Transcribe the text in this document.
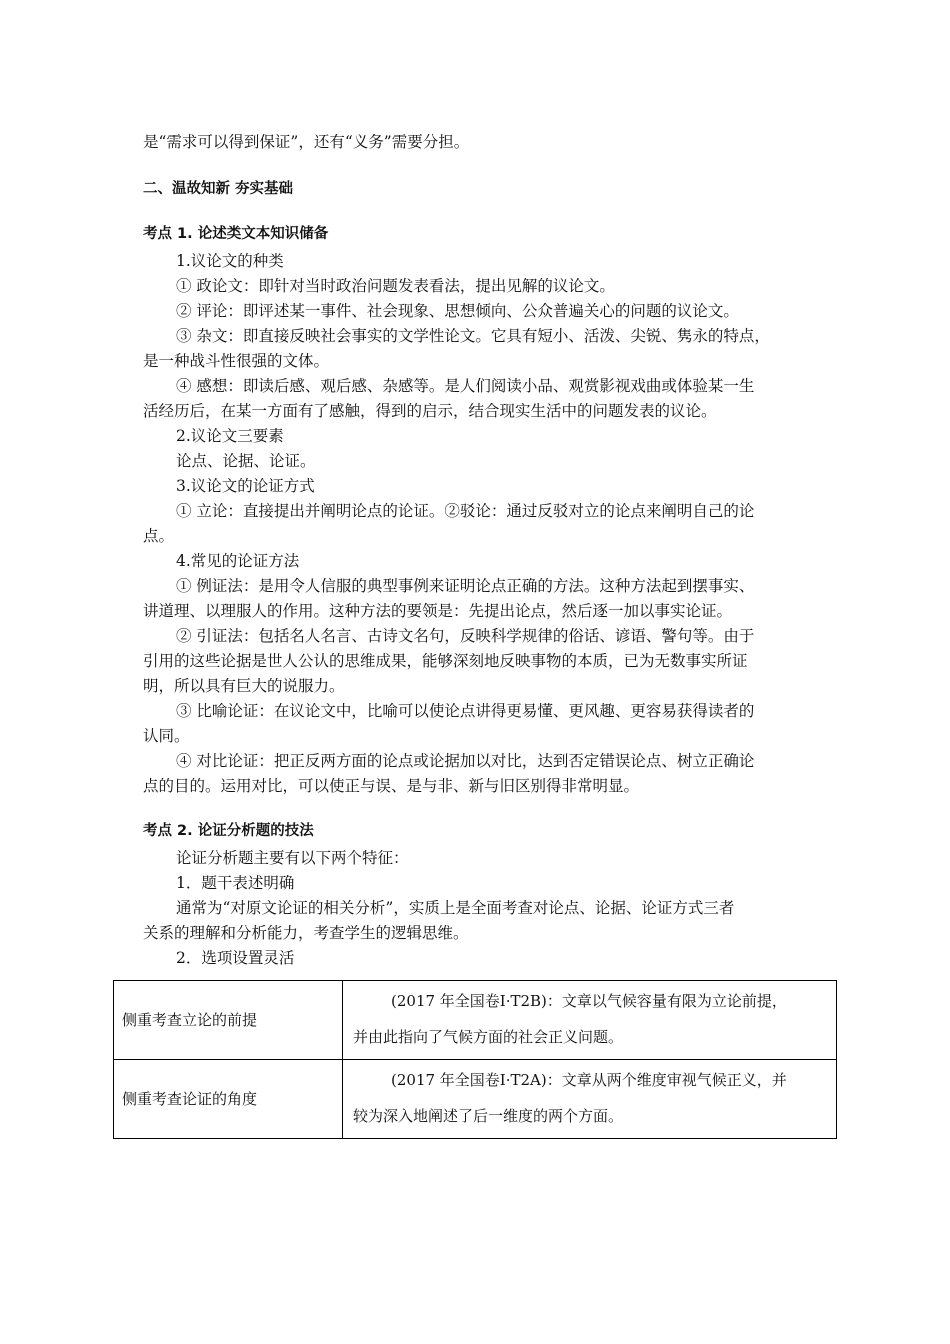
是“需求可以得到保证”，还有“义务”需要分担。
二、温故知新 夯实基础
考点 1. 论述类文本知识储备
1.议论文的种类
① 政论文：即针对当时政治问题发表看法，提出见解的议论文。
② 评论：即评述某一事件、社会现象、思想倾向、公众普遍关心的问题的议论文。
③ 杂文：即直接反映社会事实的文学性论文。它具有短小、活泼、尖锐、隽永的特点，
是一种战斗性很强的文体。
④ 感想：即读后感、观后感、杂感等。是人们阅读小品、观赏影视戏曲或体验某一生
活经历后，在某一方面有了感触，得到的启示，结合现实生活中的问题发表的议论。
2.议论文三要素
论点、论据、论证。
3.议论文的论证方式
① 立论：直接提出并阐明论点的论证。②驳论：通过反驳对立的论点来阐明自己的论
点。
4.常见的论证方法
① 例证法：是用令人信服的典型事例来证明论点正确的方法。这种方法起到摆事实、
讲道理、以理服人的作用。这种方法的要领是：先提出论点，然后逐一加以事实论证。
② 引证法：包括名人名言、古诗文名句，反映科学规律的俗话、谚语、警句等。由于
引用的这些论据是世人公认的思维成果，能够深刻地反映事物的本质，已为无数事实所证
明，所以具有巨大的说服力。
③ 比喻论证：在议论文中，比喻可以使论点讲得更易懂、更风趣、更容易获得读者的
认同。
④ 对比论证：把正反两方面的论点或论据加以对比，达到否定错误论点、树立正确论
点的目的。运用对比，可以使正与误、是与非、新与旧区别得非常明显。
考点 2. 论证分析题的技法
论证分析题主要有以下两个特征：
1．题干表述明确
通常为“对原文论证的相关分析”，实质上是全面考查对论点、论据、论证方式三者
关系的理解和分析能力，考查学生的逻辑思维。
2．选项设置灵活
侧重考查立论的前提	(2017 年全国卷Ⅰ·T2B)：文章以气候容量有限为立论前提，
并由此指向了气候方面的社会正义问题。

侧重考查论证的角度	(2017 年全国卷Ⅰ·T2A)：文章从两个维度审视气候正义，并
较为深入地阐述了后一维度的两个方面。
